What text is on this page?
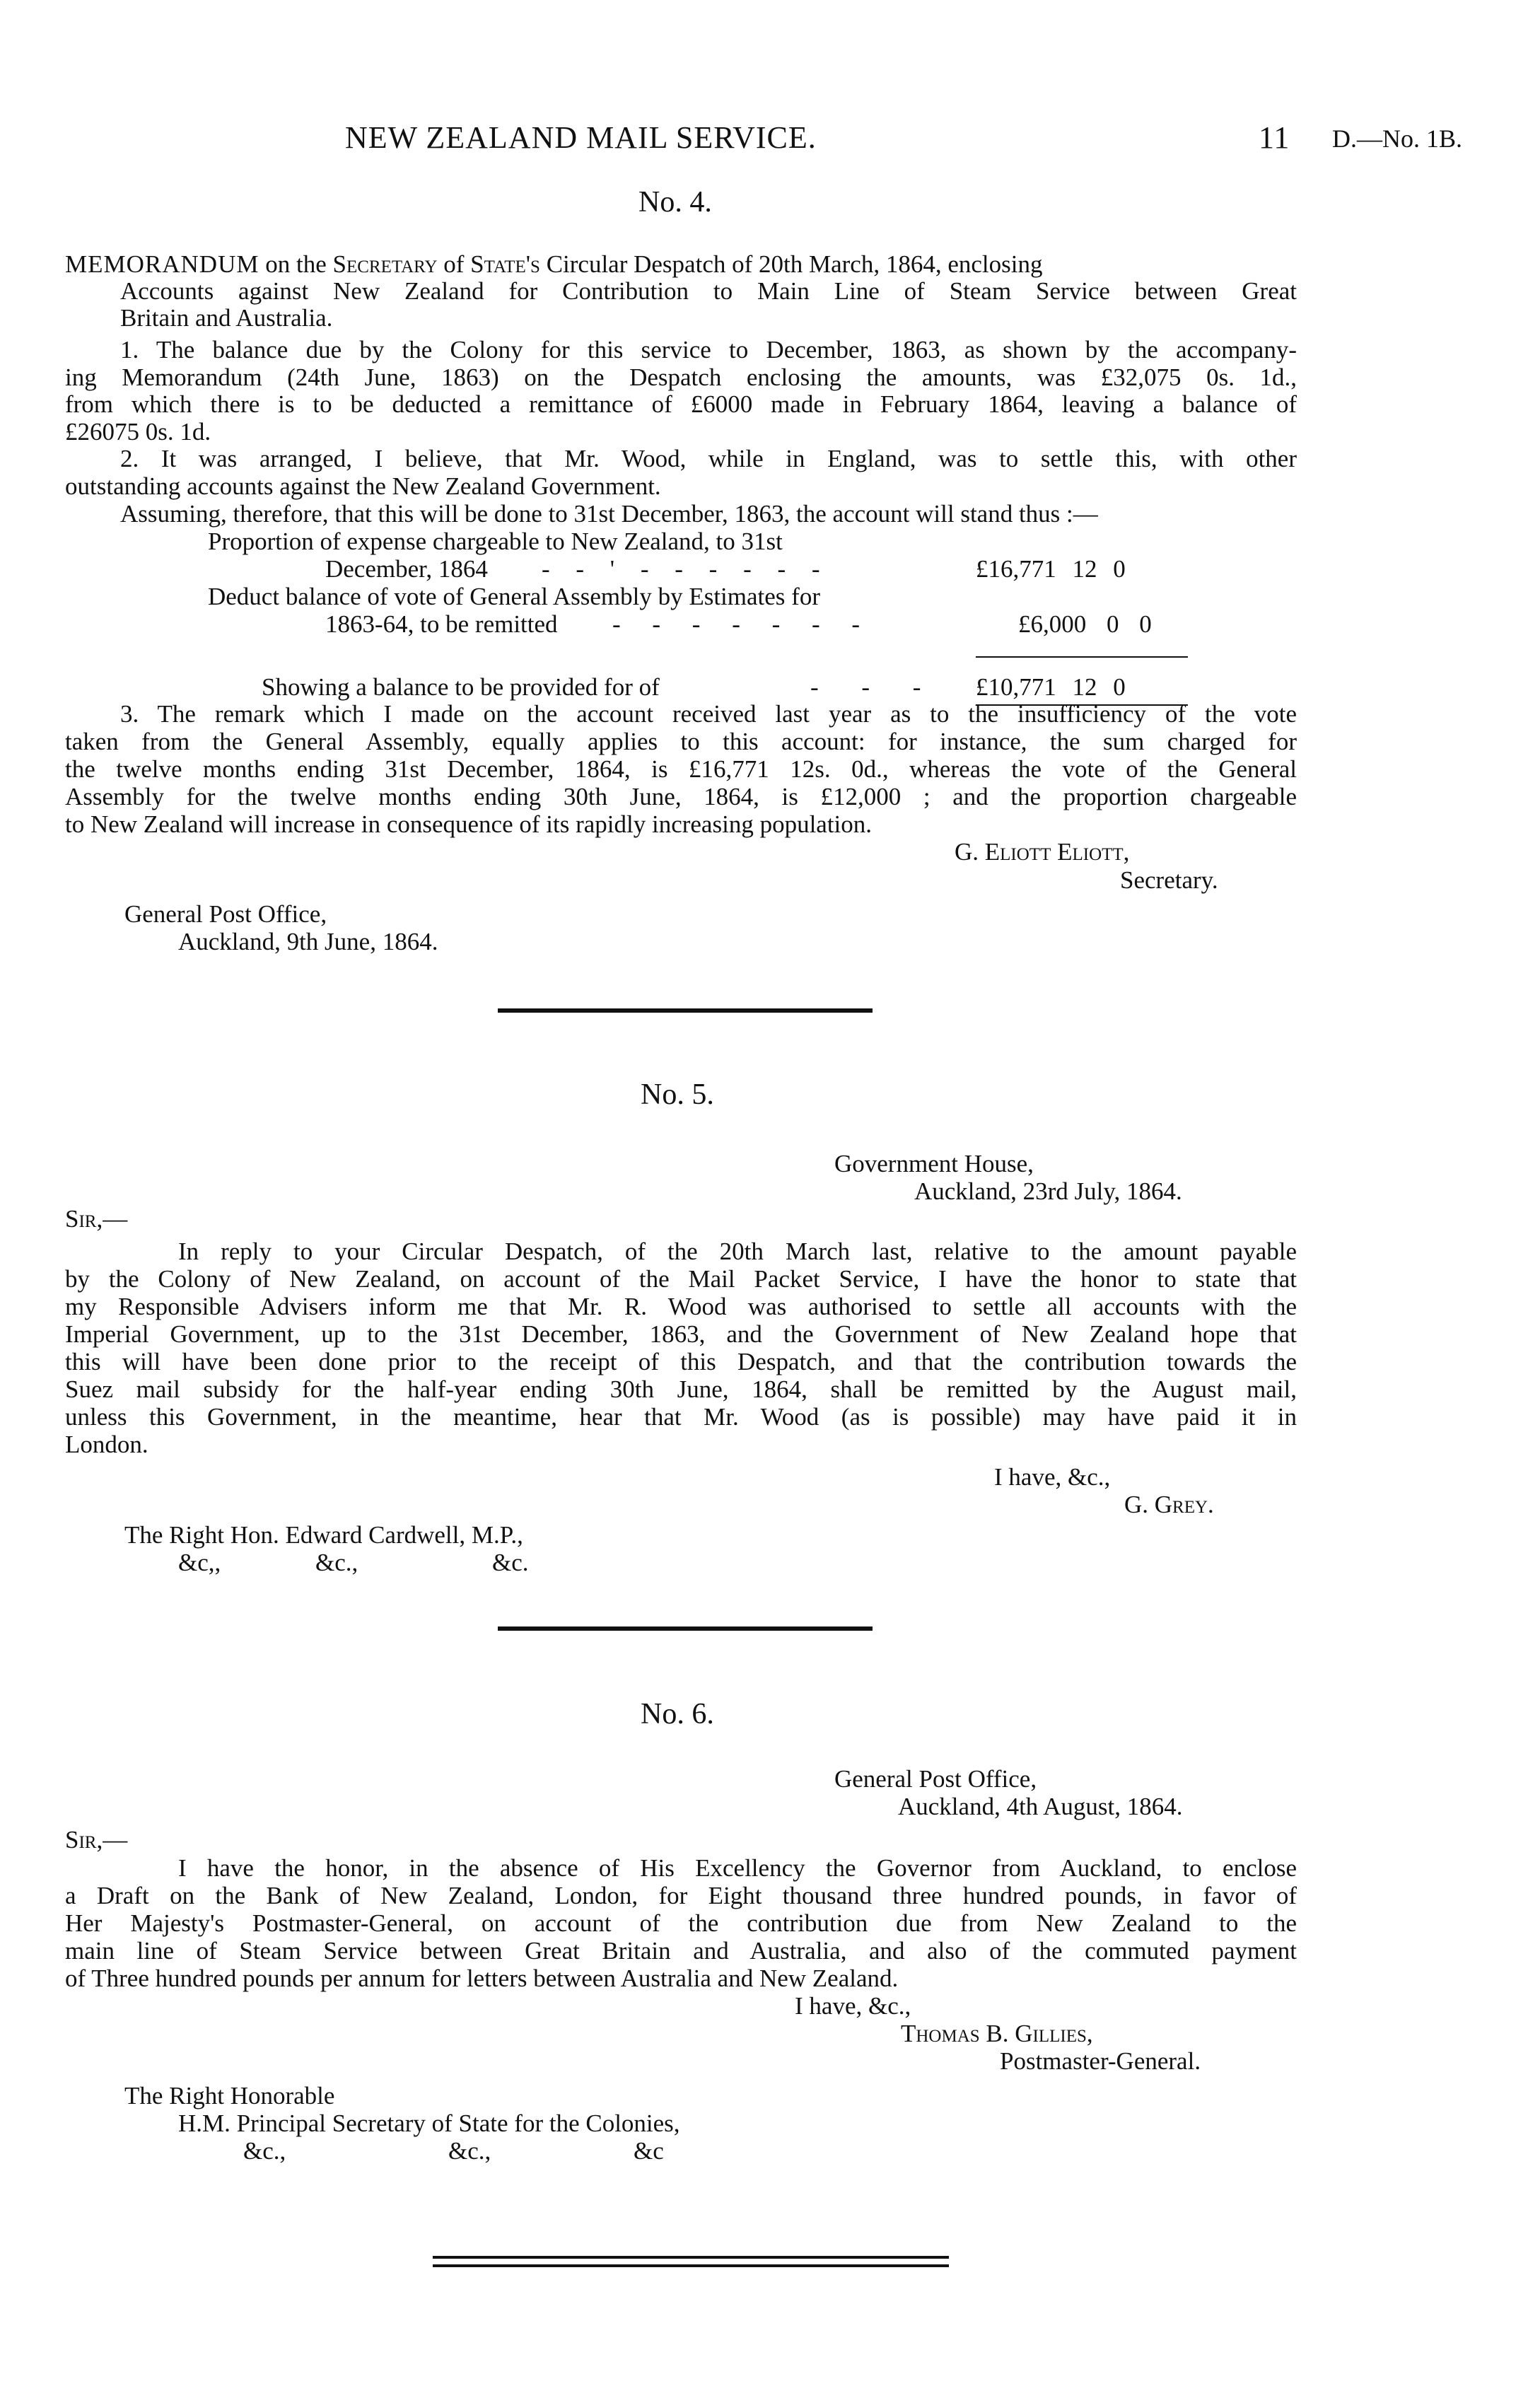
NEW ZEALAND MAIL SERVICE.	11 D.—No. 1B.
No. 4.
MEMORANDUM on the Secretary of State's Circular Despatch of 20th March, 1864, enclosing
Accounts against New Zealand for Contribution to Main Line of Steam Service between Great
Britain and Australia.
1. The balance due by the Colony for this service to December, 1863, as shown by the accompany-
ing Memorandum (24th June, 1863) on the Despatch enclosing the amounts, was £32,075 0s. 1d.,
from which there is to be deducted a remittance of £6000 made in February 1864, leaving a balance of
£26075 0s. 1d.
2. It was arranged, I believe, that Mr. Wood, while in England, was to settle this, with other
outstanding accounts against the New Zealand Government.
Assuming, therefore, that this will be done to 31st December, 1863, the account will stand thus :—
Proportion of expense chargeable to New Zealand, to 31st
December, 1864 - - ' - - - - - -	£16,771 12 0
Deduct balance of vote of General Assembly by Estimates for
1863-64, to be remitted - - - - - - -	£6,000 0 0
Showing a balance to be provided for of	- - - £10,771 12 0
3. The remark which I made on the account received last year as to the insufficiency of the vote
taken from the General Assembly, equally applies to this account: for instance, the sum charged for
the twelve months ending 31st December, 1864, is £16,771 12s. 0d., whereas the vote of the General
Assembly for the twelve months ending 30th June, 1864, is £12,000 ; and the proportion chargeable
to New Zealand will increase in consequence of its rapidly increasing population.
G. Eliott Eliott,
Secretary.
General Post Office,
Auckland, 9th June, 1864.
No. 5.
Government House,
Auckland, 23rd July, 1864.
Sir,—
In reply to your Circular Despatch, of the 20th March last, relative to the amount payable
by the Colony of New Zealand, on account of the Mail Packet Service, I have the honor to state that
my Responsible Advisers inform me that Mr. R. Wood was authorised to settle all accounts with the
Imperial Government, up to the 31st December, 1863, and the Government of New Zealand hope that
this will have been done prior to the receipt of this Despatch, and that the contribution towards the
Suez mail subsidy for the half-year ending 30th June, 1864, shall be remitted by the August mail,
unless this Government, in the meantime, hear that Mr. Wood (as is possible) may have paid it in
London.
I have, &c.,
G. Grey.
The Right Hon. Edward Cardwell, M.P.,
&c,,	&c.,	&c.
No. 6.
General Post Office,
Auckland, 4th August, 1864.
Sir,—
I have the honor, in the absence of His Excellency the Governor from Auckland, to enclose
a Draft on the Bank of New Zealand, London, for Eight thousand three hundred pounds, in favor of
Her Majesty's Postmaster-General, on account of the contribution due from New Zealand to the
main line of Steam Service between Great Britain and Australia, and also of the commuted payment
of Three hundred pounds per annum for letters between Australia and New Zealand.
I have, &c.,
Thomas B. Gillies,
Postmaster-General.
The Right Honorable
H.M. Principal Secretary of State for the Colonies,
&c.,	&c.,	&c
